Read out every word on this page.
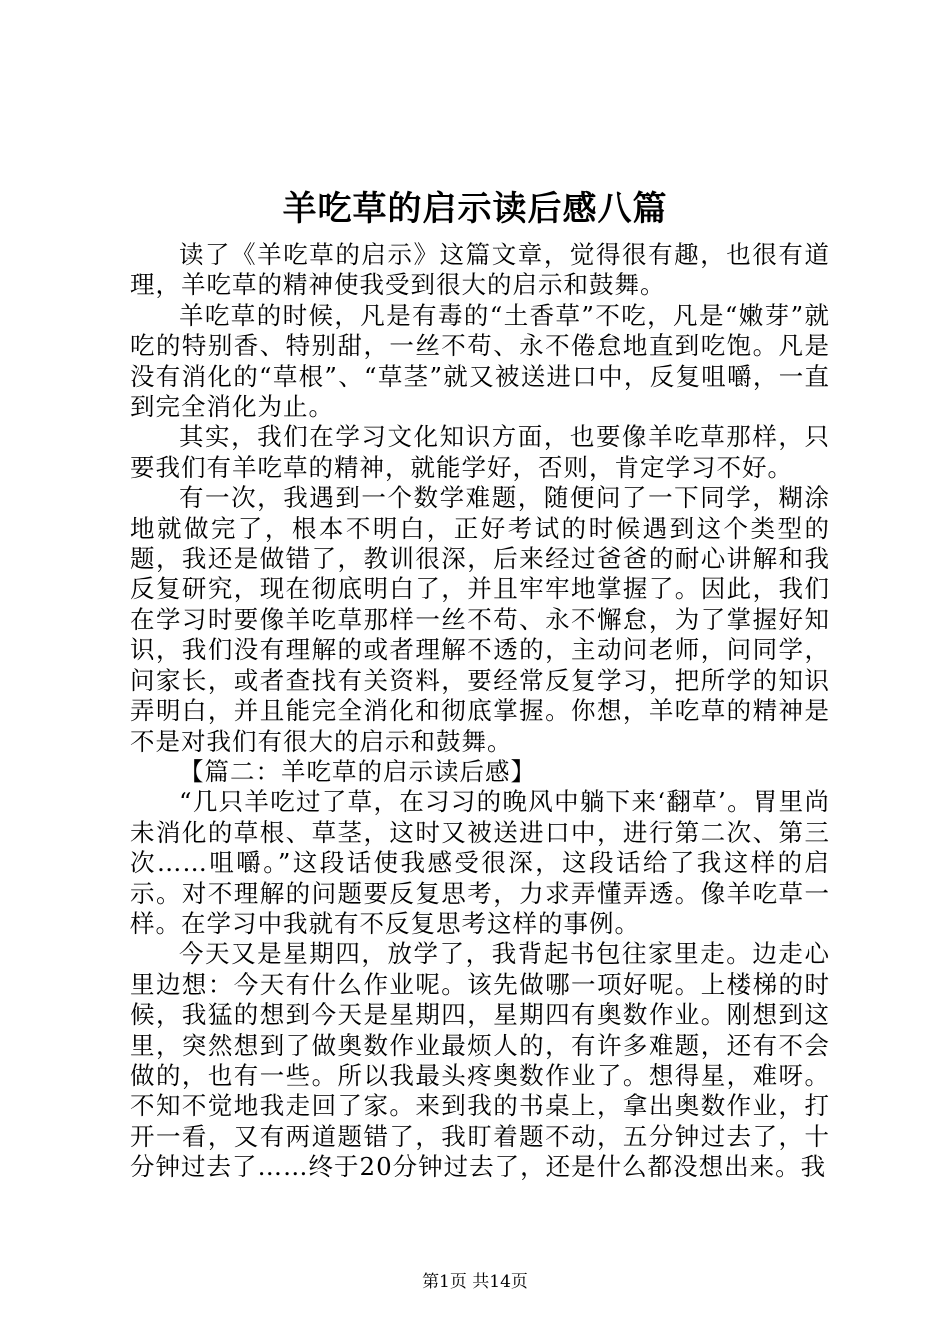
羊吃草的启示读后感八篇

读了《羊吃草的启示》这篇文章，觉得很有趣，也很有道理，羊吃草的精神使我受到很大的启示和鼓舞。

羊吃草的时候，凡是有毒的“土香草”不吃，凡是“嫩芽”就吃的特别香、特别甜，一丝不苟、永不倦怠地直到吃饱。凡是没有消化的“草根”、“草茎”就又被送进口中，反复咀嚼，一直到完全消化为止。

其实，我们在学习文化知识方面，也要像羊吃草那样，只要我们有羊吃草的精神，就能学好，否则，肯定学习不好。

有一次，我遇到一个数学难题，随便问了一下同学，糊涂地就做完了，根本不明白，正好考试的时候遇到这个类型的题，我还是做错了，教训很深，后来经过爸爸的耐心讲解和我反复研究，现在彻底明白了，并且牢牢地掌握了。因此，我们在学习时要像羊吃草那样一丝不苟、永不懈怠，为了掌握好知识，我们没有理解的或者理解不透的，主动问老师，问同学，问家长，或者查找有关资料，要经常反复学习，把所学的知识弄明白，并且能完全消化和彻底掌握。你想，羊吃草的精神是不是对我们有很大的启示和鼓舞。

【篇二：羊吃草的启示读后感】

“几只羊吃过了草，在习习的晚风中躺下来‘翻草’。胃里尚未消化的草根、草茎，这时又被送进口中，进行第二次、第三次……咀嚼。”这段话使我感受很深，这段话给了我这样的启示。对不理解的问题要反复思考，力求弄懂弄透。像羊吃草一样。在学习中我就有不反复思考这样的事例。

今天又是星期四，放学了，我背起书包往家里走。边走心里边想：今天有什么作业呢。该先做哪一项好呢。上楼梯的时候，我猛的想到今天是星期四，星期四有奥数作业。刚想到这里，突然想到了做奥数作业最烦人的，有许多难题，还有不会做的，也有一些。所以我最头疼奥数作业了。想得星，难呀。不知不觉地我走回了家。来到我的书桌上，拿出奥数作业，打开一看，又有两道题错了，我盯着题不动，五分钟过去了，十分钟过去了……终于20分钟过去了，还是什么都没想出来。我

第1页 共14页
